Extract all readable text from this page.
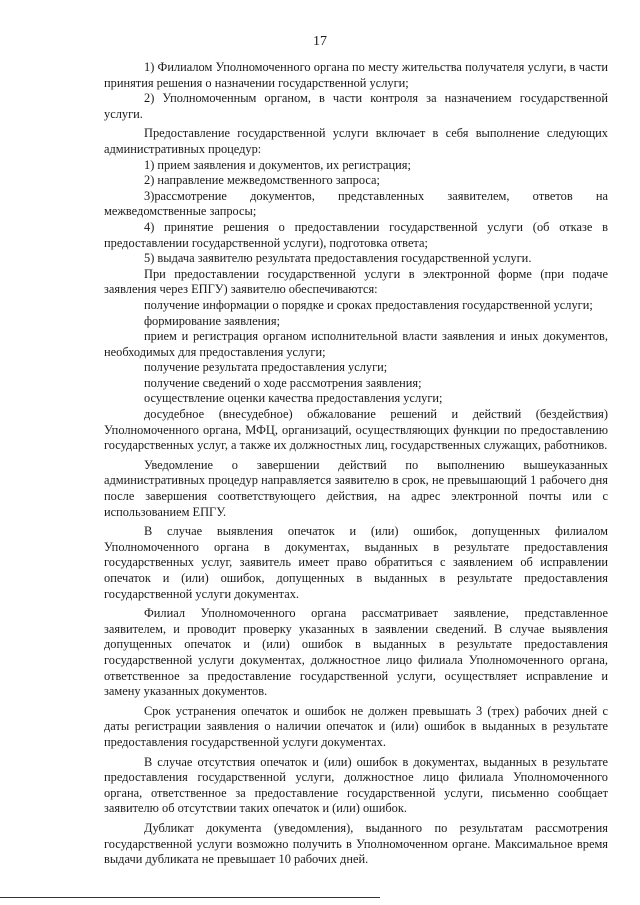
17

1) Филиалом Уполномоченного органа по месту жительства получателя услуги, в части принятия решения о назначении государственной услуги;

2) Уполномоченным органом, в части контроля за назначением государственной услуги.

Предоставление государственной услуги включает в себя выполнение следующих административных процедур:

1) прием заявления и документов, их регистрация;

2) направление межведомственного запроса;

3)рассмотрение документов, представленных заявителем, ответов на межведомственные запросы;

4) принятие решения о предоставлении государственной услуги (об отказе в предоставлении государственной услуги), подготовка ответа;

5) выдача заявителю результата предоставления государственной услуги.

При предоставлении государственной услуги в электронной форме (при подаче заявления через ЕПГУ) заявителю обеспечиваются:

получение информации о порядке и сроках предоставления государственной услуги;

формирование заявления;

прием и регистрация органом исполнительной власти заявления и иных документов, необходимых для предоставления услуги;

получение результата предоставления услуги;

получение сведений о ходе рассмотрения заявления;

осуществление оценки качества предоставления услуги;

досудебное (внесудебное) обжалование решений и действий (бездействия) Уполномоченного органа, МФЦ, организаций, осуществляющих функции по предоставлению государственных услуг, а также их должностных лиц, государственных служащих, работников.

Уведомление о завершении действий по выполнению вышеуказанных административных процедур направляется заявителю в срок, не превышающий 1 рабочего дня после завершения соответствующего действия, на адрес электронной почты или с использованием ЕПГУ.

В случае выявления опечаток и (или) ошибок, допущенных филиалом Уполномоченного органа в документах, выданных в результате предоставления государственных услуг, заявитель имеет право обратиться с заявлением об исправлении опечаток и (или) ошибок, допущенных в выданных в результате предоставления государственной услуги документах.

Филиал Уполномоченного органа рассматривает заявление, представленное заявителем, и проводит проверку указанных в заявлении сведений. В случае выявления допущенных опечаток и (или) ошибок в выданных в результате предоставления государственной услуги документах, должностное лицо филиала Уполномоченного органа, ответственное за предоставление государственной услуги, осуществляет исправление и замену указанных документов.

Срок устранения опечаток и ошибок не должен превышать 3 (трех) рабочих дней с даты регистрации заявления о наличии опечаток и (или) ошибок в выданных в результате предоставления государственной услуги документах.

В случае отсутствия опечаток и (или) ошибок в документах, выданных в результате предоставления государственной услуги, должностное лицо филиала Уполномоченного органа, ответственное за предоставление государственной услуги, письменно сообщает заявителю об отсутствии таких опечаток и (или) ошибок.

Дубликат документа (уведомления), выданного по результатам рассмотрения государственной услуги возможно получить в Уполномоченном органе. Максимальное время выдачи дубликата не превышает 10 рабочих дней.
